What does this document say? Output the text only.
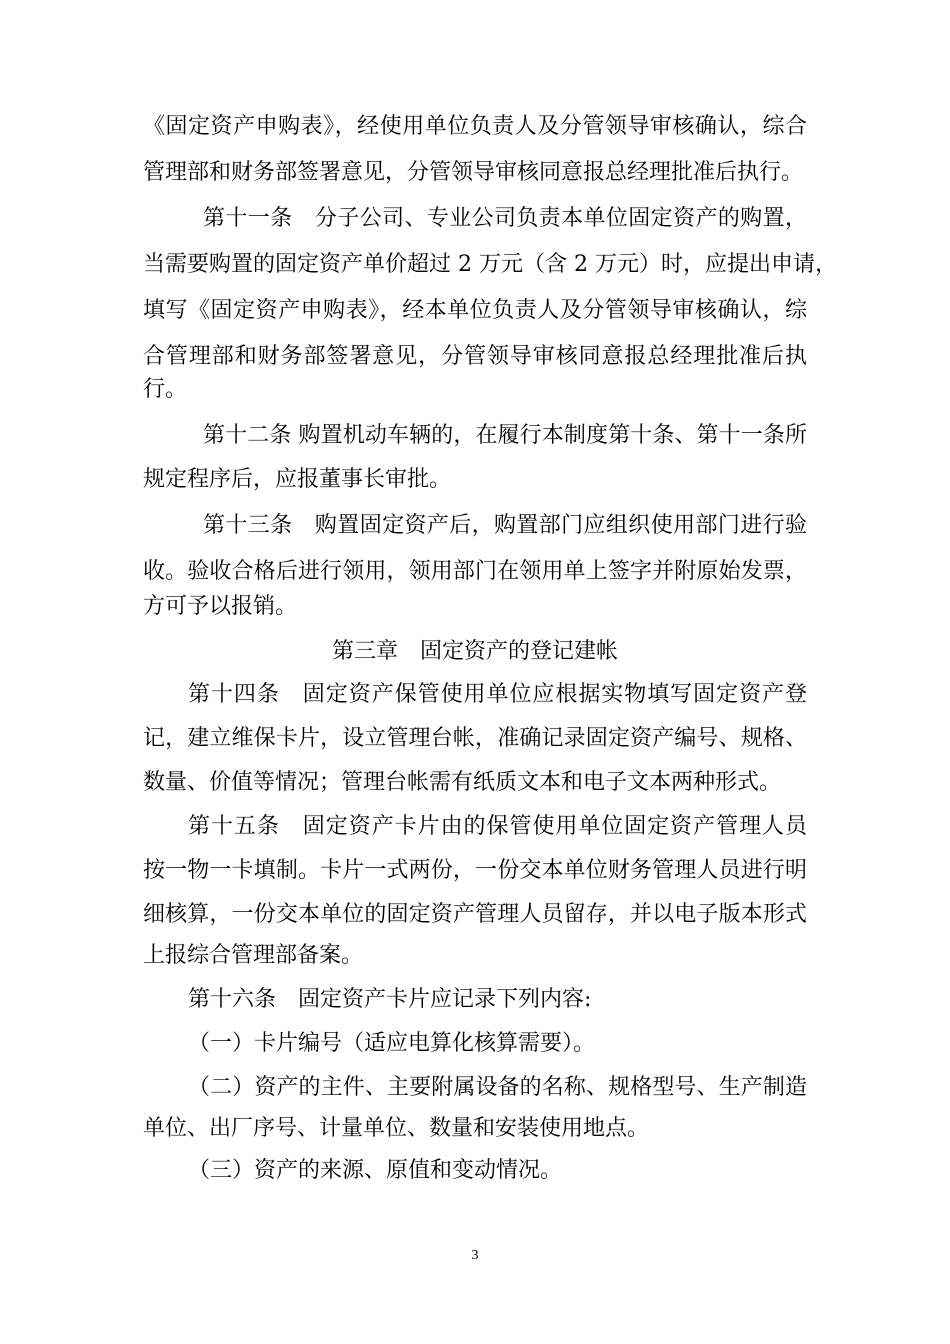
《固定资产申购表》，经使用单位负责人及分管领导审核确认，综合
管理部和财务部签署意见，分管领导审核同意报总经理批准后执行。
第十一条　分子公司、专业公司负责本单位固定资产的购置，
当需要购置的固定资产单价超过 2 万元（含 2 万元）时，应提出申请，
填写《固定资产申购表》，经本单位负责人及分管领导审核确认，综
合管理部和财务部签署意见，分管领导审核同意报总经理批准后执
行。
第十二条 购置机动车辆的，在履行本制度第十条、第十一条所
规定程序后，应报董事长审批。
第十三条　购置固定资产后，购置部门应组织使用部门进行验
收。验收合格后进行领用，领用部门在领用单上签字并附原始发票，
方可予以报销。
第三章　固定资产的登记建帐
第十四条　固定资产保管使用单位应根据实物填写固定资产登
记，建立维保卡片，设立管理台帐，准确记录固定资产编号、规格、
数量、价值等情况；管理台帐需有纸质文本和电子文本两种形式。
第十五条　固定资产卡片由的保管使用单位固定资产管理人员
按一物一卡填制。卡片一式两份，一份交本单位财务管理人员进行明
细核算，一份交本单位的固定资产管理人员留存，并以电子版本形式
上报综合管理部备案。
第十六条　固定资产卡片应记录下列内容:
（一）卡片编号（适应电算化核算需要）。
（二）资产的主件、主要附属设备的名称、规格型号、生产制造
单位、出厂序号、计量单位、数量和安装使用地点。
（三）资产的来源、原值和变动情况。
3
